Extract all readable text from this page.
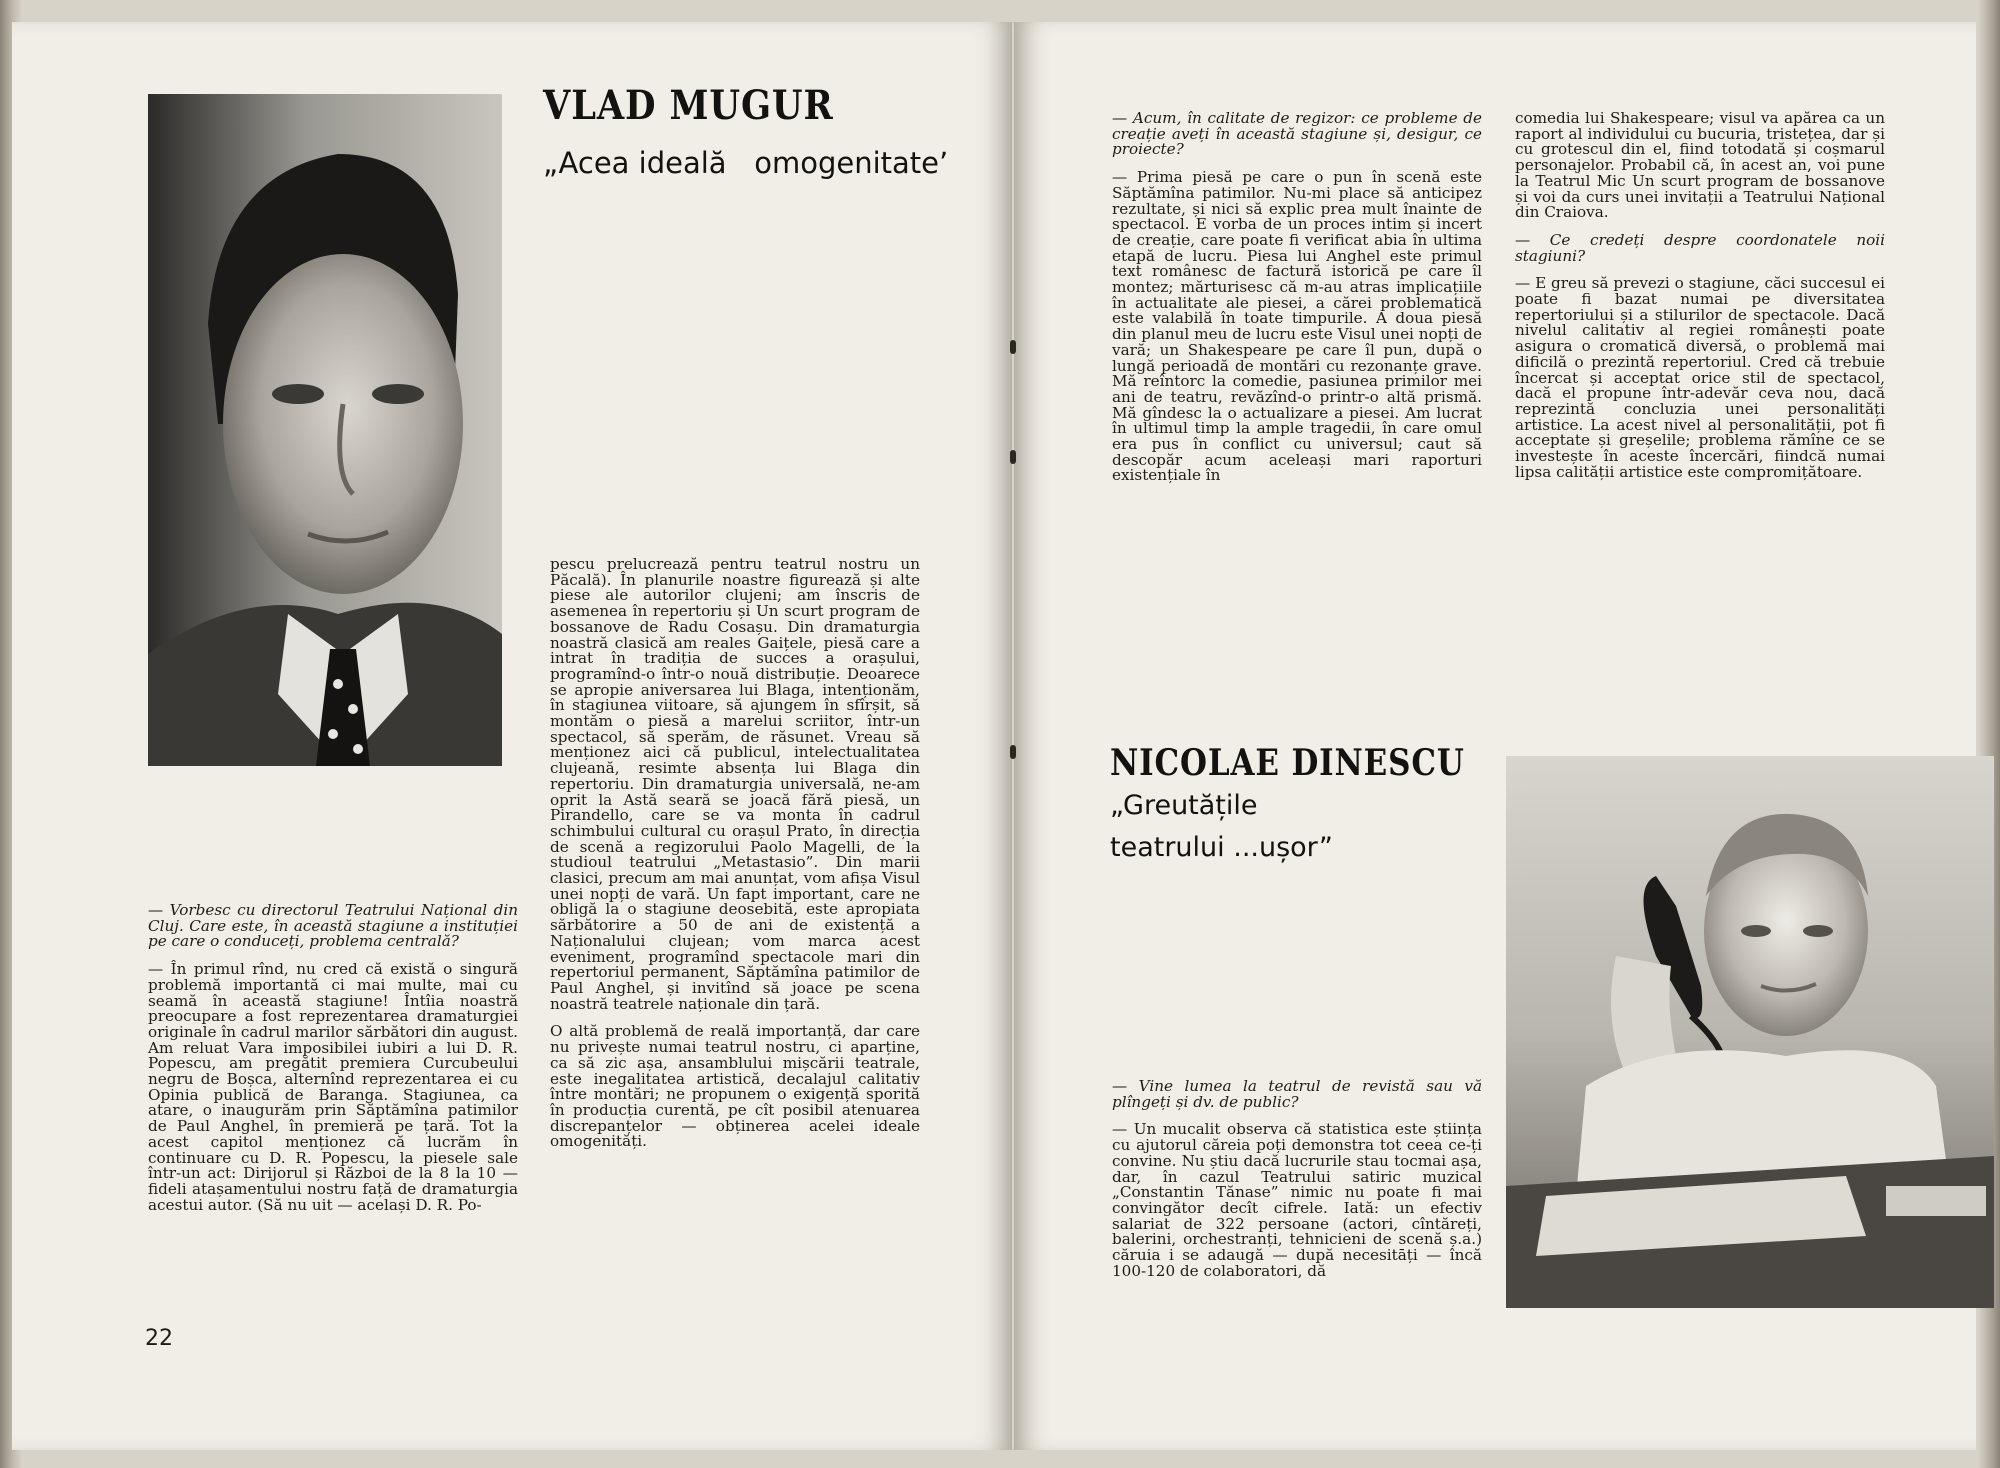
VLAD MUGUR
„Acea ideală   omogenitate’

— Vorbesc cu directorul Teatrului Național din Cluj. Care este, în această stagiune a instituției pe care o conduceți, problema centrală?

— În primul rînd, nu cred că există o singură problemă importantă ci mai multe, mai cu seamă în această stagiune! Întîia noastră preocupare a fost reprezentarea dramaturgiei originale în cadrul marilor sărbători din august. Am reluat Vara imposibilei iubiri a lui D. R. Popescu, am pregătit premiera Curcubeului negru de Boșca, alternînd reprezentarea ei cu Opinia publică de Baranga. Stagiunea, ca atare, o inaugurăm prin Săptămîna patimilor de Paul Anghel, în premieră pe țară. Tot la acest capitol menționez că lucrăm în continuare cu D. R. Popescu, la piesele sale într-un act: Dirijorul și Război de la 8 la 10 — fideli atașamentului nostru față de dramaturgia acestui autor. (Să nu uit — același D. R. Po-

pescu prelucrează pentru teatrul nostru un Păcală). În planurile noastre figurează și alte piese ale autorilor clujeni; am înscris de asemenea în repertoriu și Un scurt program de bossanove de Radu Cosașu. Din dramaturgia noastră clasică am reales Gaițele, piesă care a intrat în tradiția de succes a orașului, programînd-o într-o nouă distribuție. Deoarece se apropie aniversarea lui Blaga, intenționăm, în stagiunea viitoare, să ajungem în sfîrșit, să montăm o piesă a marelui scriitor, într-un spectacol, să sperăm, de răsunet. Vreau să menționez aici că publicul, intelectualitatea clujeană, resimte absența lui Blaga din repertoriu. Din dramaturgia universală, ne-am oprit la Astă seară se joacă fără piesă, un Pirandello, care se va monta în cadrul schimbului cultural cu orașul Prato, în direcția de scenă a regizorului Paolo Magelli, de la studioul teatrului „Metastasio”. Din marii clasici, precum am mai anunțat, vom afișa Visul unei nopți de vară. Un fapt important, care ne obligă la o stagiune deosebită, este apropiata sărbătorire a 50 de ani de existență a Naționalului clujean; vom marca acest eveniment, programînd spectacole mari din repertoriul permanent, Săptămîna patimilor de Paul Anghel, și invitînd să joace pe scena noastră teatrele naționale din țară.

O altă problemă de reală importanță, dar care nu privește numai teatrul nostru, ci aparține, ca să zic așa, ansamblului mișcării teatrale, este inegalitatea artistică, decalajul calitativ între montări; ne propunem o exigență sporită în producția curentă, pe cît posibil atenuarea discrepanțelor — obținerea acelei ideale omogenități.

22

— Acum, în calitate de regizor: ce probleme de creație aveți în această stagiune și, desigur, ce proiecte?

— Prima piesă pe care o pun în scenă este Săptămîna patimilor. Nu-mi place să anticipez rezultate, și nici să explic prea mult înainte de spectacol. E vorba de un proces intim și incert de creație, care poate fi verificat abia în ultima etapă de lucru. Piesa lui Anghel este primul text românesc de factură istorică pe care îl montez; mărturisesc că m-au atras implicațiile în actualitate ale piesei, a cărei problematică este valabilă în toate timpurile. A doua piesă din planul meu de lucru este Visul unei nopți de vară; un Shakespeare pe care îl pun, după o lungă perioadă de montări cu rezonanțe grave. Mă reîntorc la comedie, pasiunea primilor mei ani de teatru, revăzînd-o printr-o altă prismă. Mă gîndesc la o actualizare a piesei. Am lucrat în ultimul timp la ample tragedii, în care omul era pus în conflict cu universul; caut să descopăr acum aceleași mari raporturi existențiale în

comedia lui Shakespeare; visul va apărea ca un raport al individului cu bucuria, tristețea, dar și cu grotescul din el, fiind totodată și coșmarul personajelor. Probabil că, în acest an, voi pune la Teatrul Mic Un scurt program de bossanove și voi da curs unei invitații a Teatrului Național din Craiova.

— Ce credeți despre coordonatele noii stagiuni?

— E greu să prevezi o stagiune, căci succesul ei poate fi bazat numai pe diversitatea repertoriului și a stilurilor de spectacole. Dacă nivelul calitativ al regiei românești poate asigura o cromatică diversă, o problemă mai dificilă o prezintă repertoriul. Cred că trebuie încercat și acceptat orice stil de spectacol, dacă el propune într-adevăr ceva nou, dacă reprezintă concluzia unei personalități artistice. La acest nivel al personalității, pot fi acceptate și greșelile; problema rămîne ce se investește în aceste încercări, fiindcă numai lipsa calității artistice este compromițătoare.

NICOLAE DINESCU
„Greutățile
teatrului ...ușor”

— Vine lumea la teatrul de revistă sau vă plîngeți și dv. de public?

— Un mucalit observa că statistica este știința cu ajutorul căreia poți demonstra tot ceea ce-ți convine. Nu știu dacă lucrurile stau tocmai așa, dar, în cazul Teatrului satiric muzical „Constantin Tănase” nimic nu poate fi mai convingător decît cifrele. Iată: un efectiv salariat de 322 persoane (actori, cîntăreți, balerini, orchestranți, tehnicieni de scenă ș.a.) căruia i se adaugă — după necesitāți — încă 100-120 de colaboratori, dă
